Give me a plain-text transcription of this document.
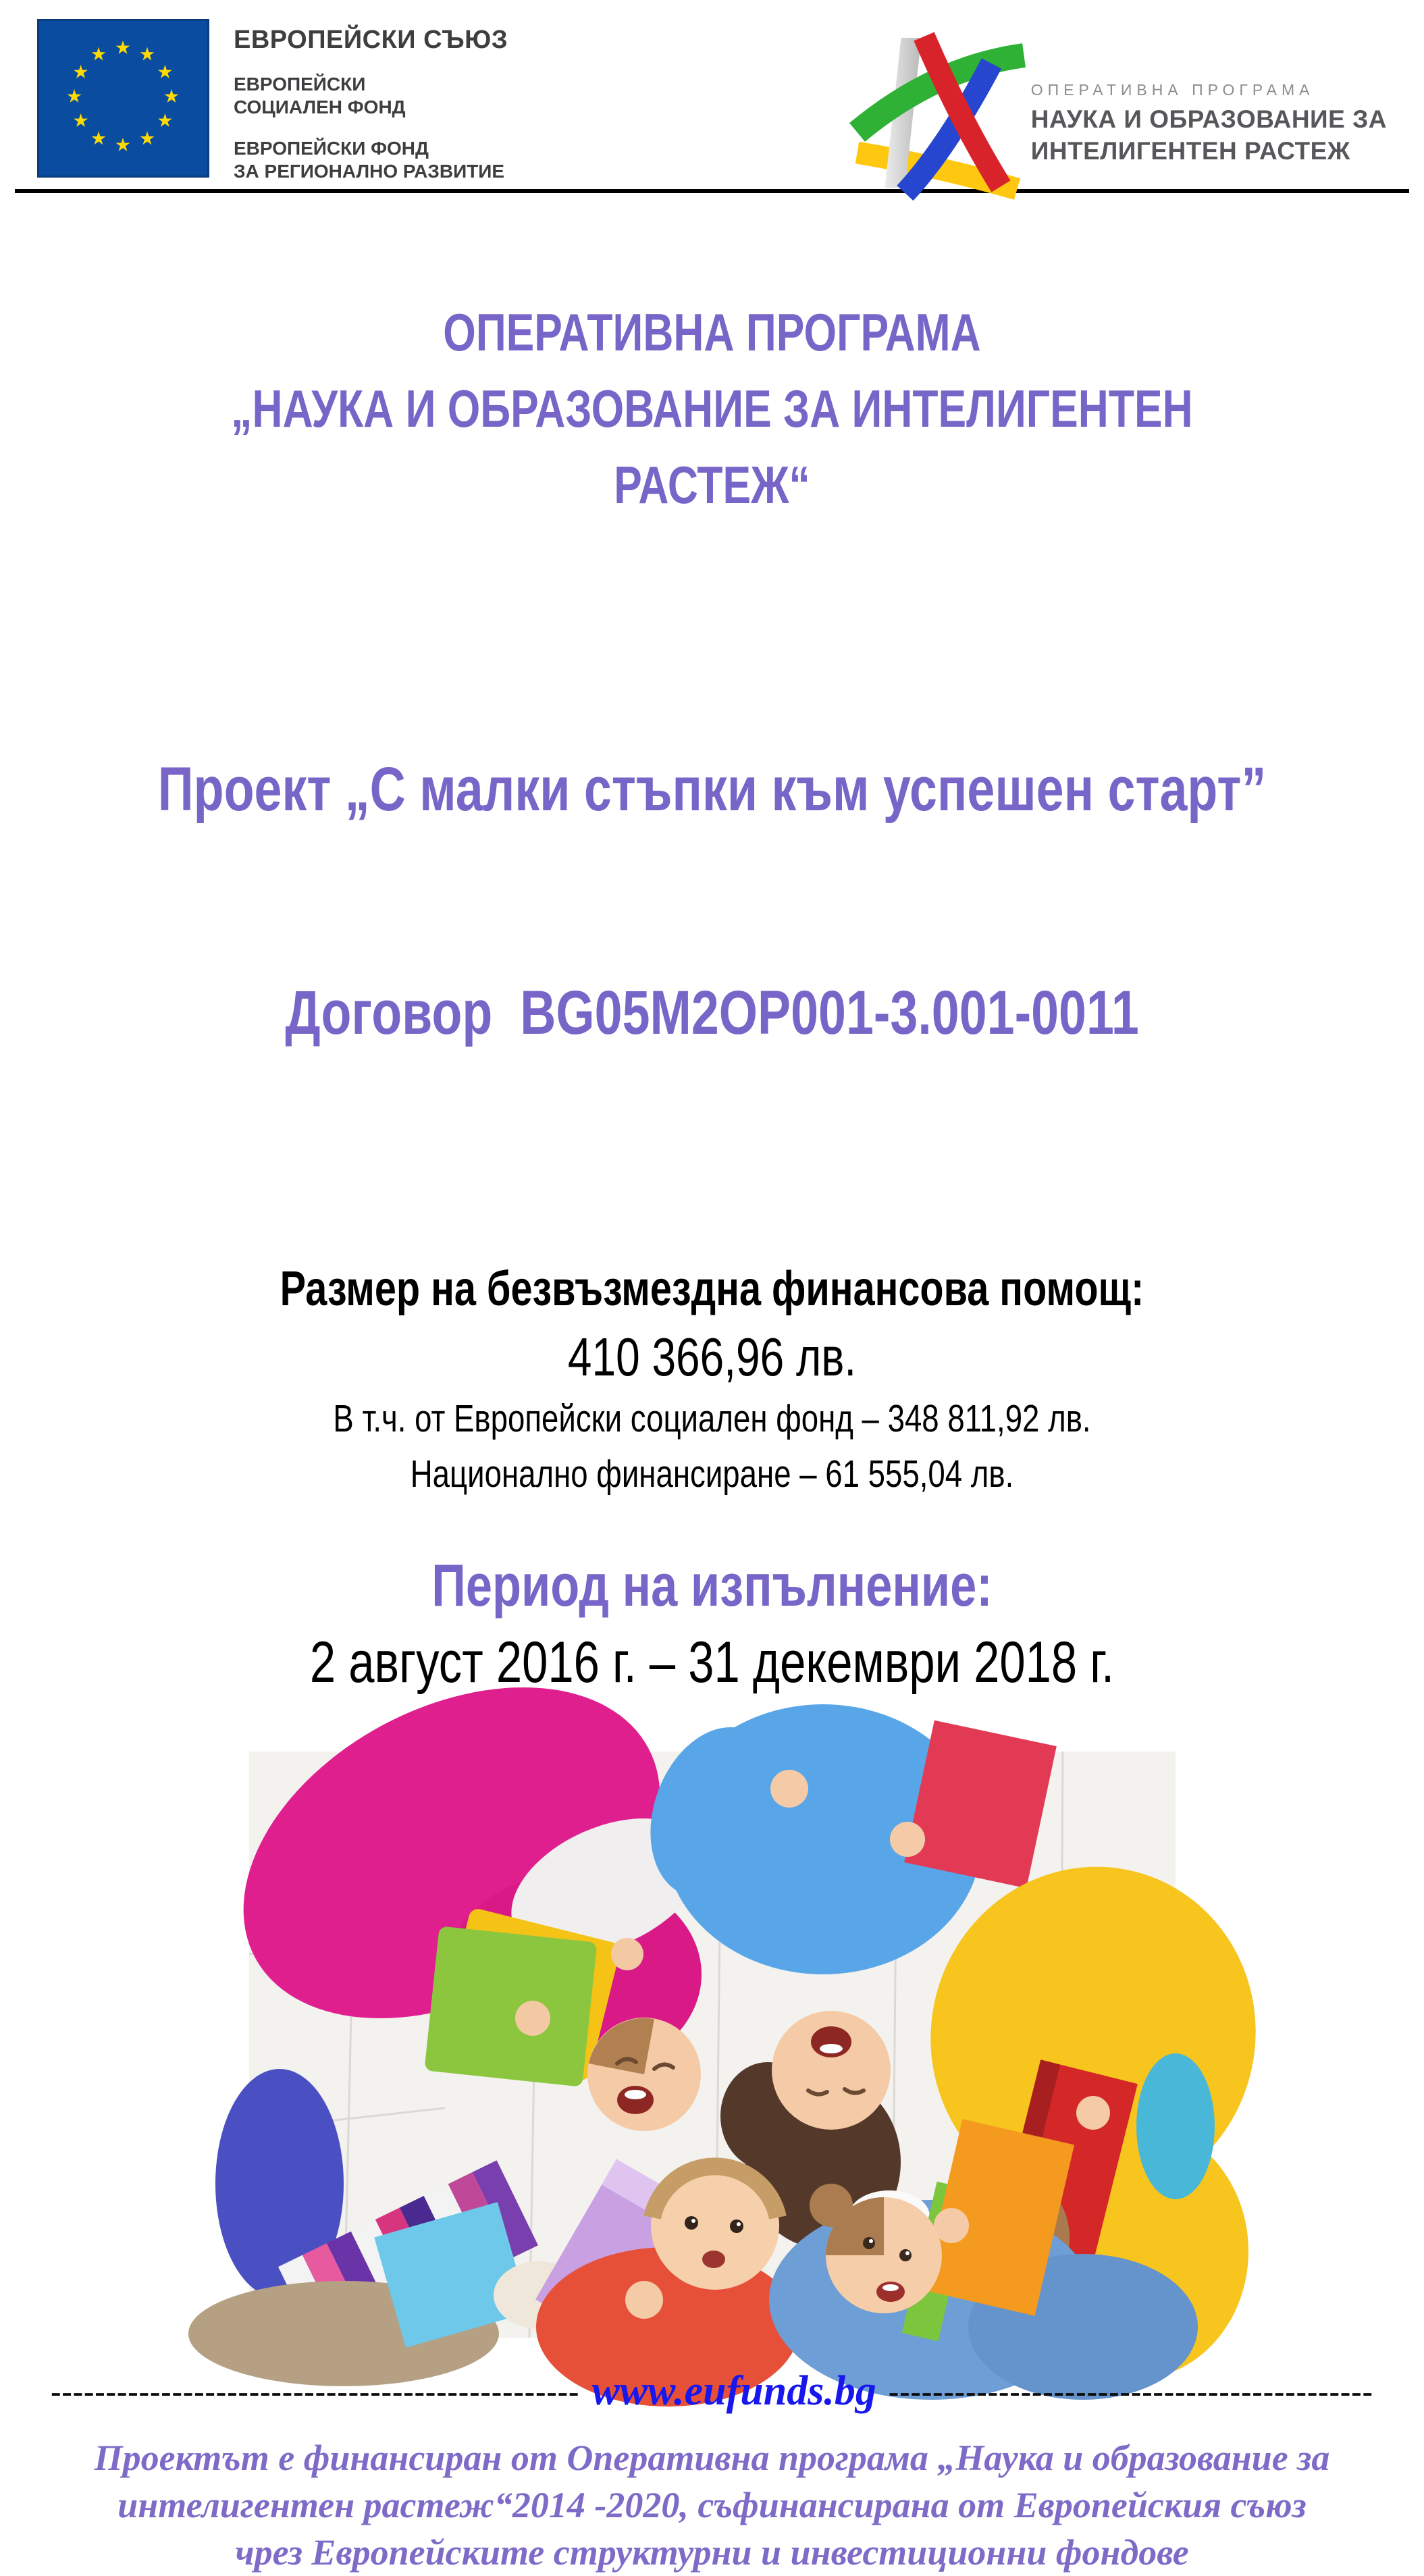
ЕВРОПЕЙСКИ СЪЮЗ
ЕВРОПЕЙСКИ
СОЦИАЛЕН ФОНД
ЕВРОПЕЙСКИ ФОНД
ЗА РЕГИОНАЛНО РАЗВИТИЕ
ОПЕРАТИВНА ПРОГРАМА
НАУКА И ОБРАЗОВАНИЕ ЗА
ИНТЕЛИГЕНТЕН РАСТЕЖ
ОПЕРАТИВНА ПРОГРАМА
„НАУКА И ОБРАЗОВАНИЕ ЗА ИНТЕЛИГЕНТЕН РАСТЕЖ“

Проект „С малки стъпки към успешен старт”

Договор  BG05M2OP001-3.001-0011

Размер на безвъзмездна финансова помощ:
410 366,96 лв.
В т.ч. от Европейски социален фонд – 348 811,92 лв.
Национално финансиране – 61 555,04 лв.
Период на изпълнение:
2 август 2016 г. – 31 декември 2018 г.
------------------------------------------------ www.eufunds.bg --------------------------------------------
Проектът е финансиран от Оперативна програма „Наука и образование за
интелигентен растеж“2014 -2020, съфинансирана от Европейския съюз
чрез Европейските структурни и инвестиционни фондове
